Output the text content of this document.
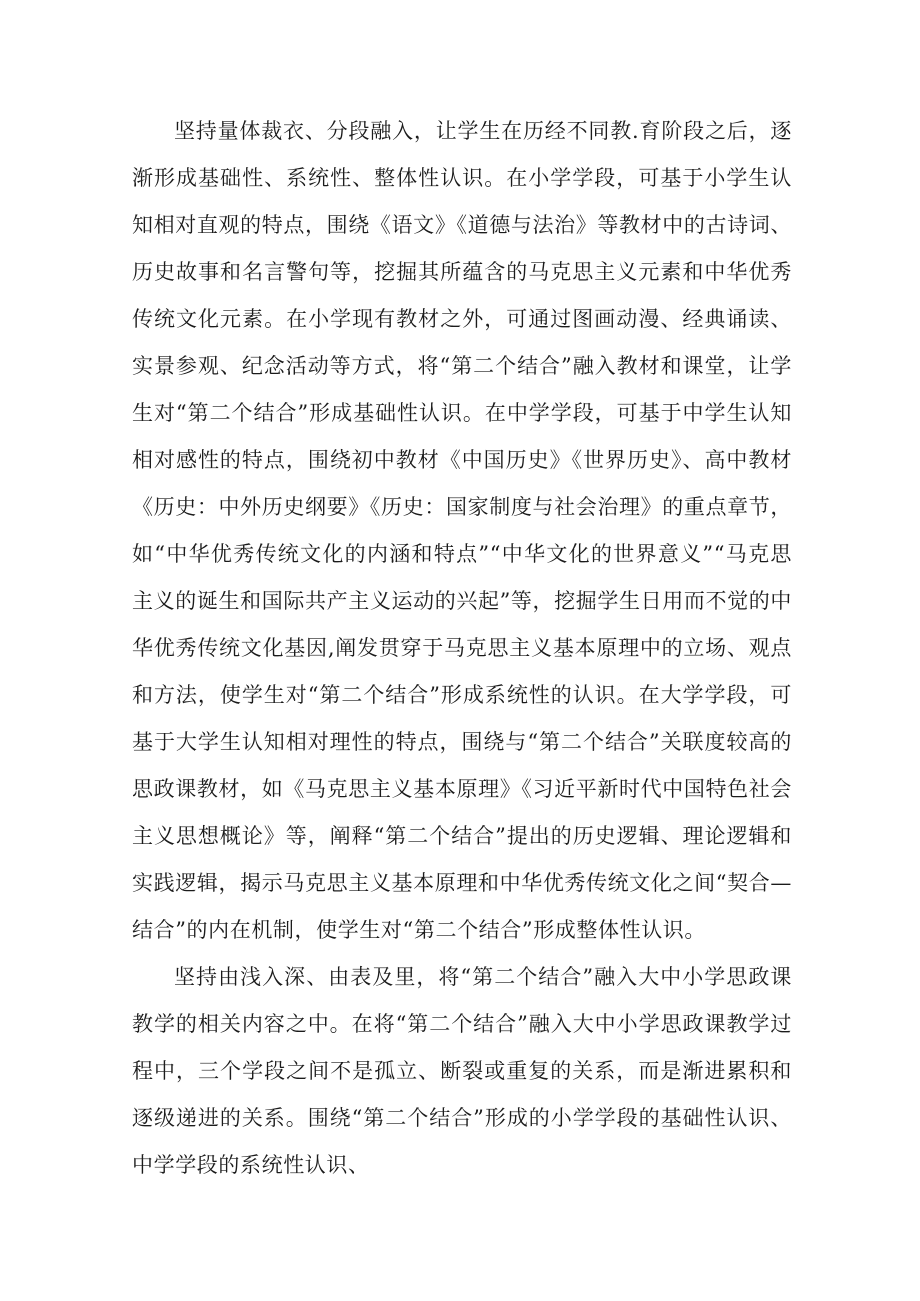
坚持量体裁衣、分段融入，让学生在历经不同教.育阶段之后，逐渐形成基础性、系统性、整体性认识。在小学学段，可基于小学生认知相对直观的特点，围绕《语文》《道德与法治》等教材中的古诗词、历史故事和名言警句等，挖掘其所蕴含的马克思主义元素和中华优秀传统文化元素。在小学现有教材之外，可通过图画动漫、经典诵读、实景参观、纪念活动等方式，将“第二个结合”融入教材和课堂，让学生对“第二个结合”形成基础性认识。在中学学段，可基于中学生认知相对感性的特点，围绕初中教材《中国历史》《世界历史》、高中教材《历史：中外历史纲要》《历史：国家制度与社会治理》的重点章节，如“中华优秀传统文化的内涵和特点”“中华文化的世界意义”“马克思主义的诞生和国际共产主义运动的兴起”等，挖掘学生日用而不觉的中华优秀传统文化基因,阐发贯穿于马克思主义基本原理中的立场、观点和方法，使学生对“第二个结合”形成系统性的认识。在大学学段，可基于大学生认知相对理性的特点，围绕与“第二个结合”关联度较高的思政课教材，如《马克思主义基本原理》《习近平新时代中国特色社会主义思想概论》等，阐释“第二个结合”提出的历史逻辑、理论逻辑和实践逻辑，揭示马克思主义基本原理和中华优秀传统文化之间“契合—结合”的内在机制，使学生对“第二个结合”形成整体性认识。

坚持由浅入深、由表及里，将“第二个结合”融入大中小学思政课教学的相关内容之中。在将“第二个结合”融入大中小学思政课教学过程中，三个学段之间不是孤立、断裂或重复的关系，而是渐进累积和逐级递进的关系。围绕“第二个结合”形成的小学学段的基础性认识、中学学段的系统性认识、
